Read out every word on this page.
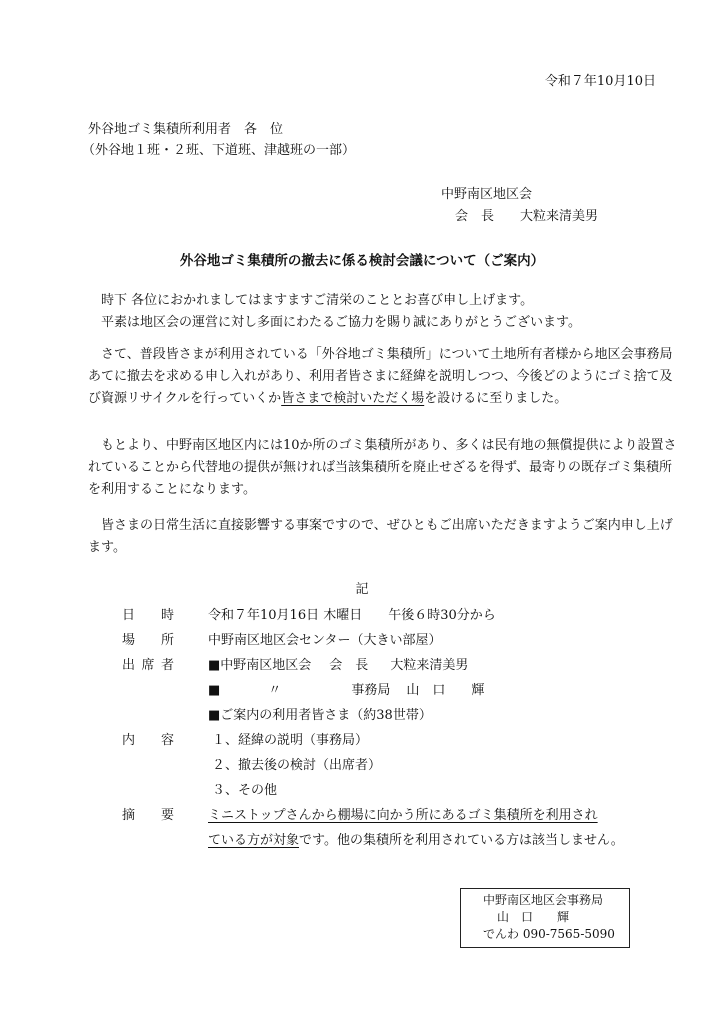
令和７年10月10日
外谷地ゴミ集積所利用者　各　位
（外谷地１班・２班、下道班、津越班の一部）
中野南区地区会
会　長 大粒来清美男
外谷地ゴミ集積所の撤去に係る検討会議について（ご案内）

時下 各位におかれましてはますますご清栄のこととお喜び申し上げます。

平素は地区会の運営に対し多面にわたるご協力を賜り誠にありがとうございます。

さて、普段皆さまが利用されている「外谷地ゴミ集積所」について土地所有者様から地区会事務局あてに撤去を求める申し入れがあり、利用者皆さまに経緯を説明しつつ、今後どのようにゴミ捨て及び資源リサイクルを行っていくか皆さまで検討いただく場を設けるに至りました。

もとより、中野南区地区内には10か所のゴミ集積所があり、多くは民有地の無償提供により設置されていることから代替地の提供が無ければ当該集積所を廃止せざるを得ず、最寄りの既存ゴミ集積所を利用することになります。

皆さまの日常生活に直接影響する事案ですので、ぜひともご出席いただきますようご案内申し上げます。

記
日時	令和７年10月16日 木曜日 午後６時30分から
場所	中野南区地区会センター（大きい部屋）
出席者	■中野南区地区会 会　長 大粒来清美男
■	〃	事務局 山　口　　輝
■ご案内の利用者皆さま（約38世帯）
内容	１、経緯の説明（事務局）
２、撤去後の検討（出席者）
３、その他
摘要	ミニストップさんから棚場に向かう所にあるゴミ集積所を利用され
ている方が対象です。他の集積所を利用されている方は該当しません。
中野南区地区会事務局
山　口　　輝
でんわ 090-7565-5090
